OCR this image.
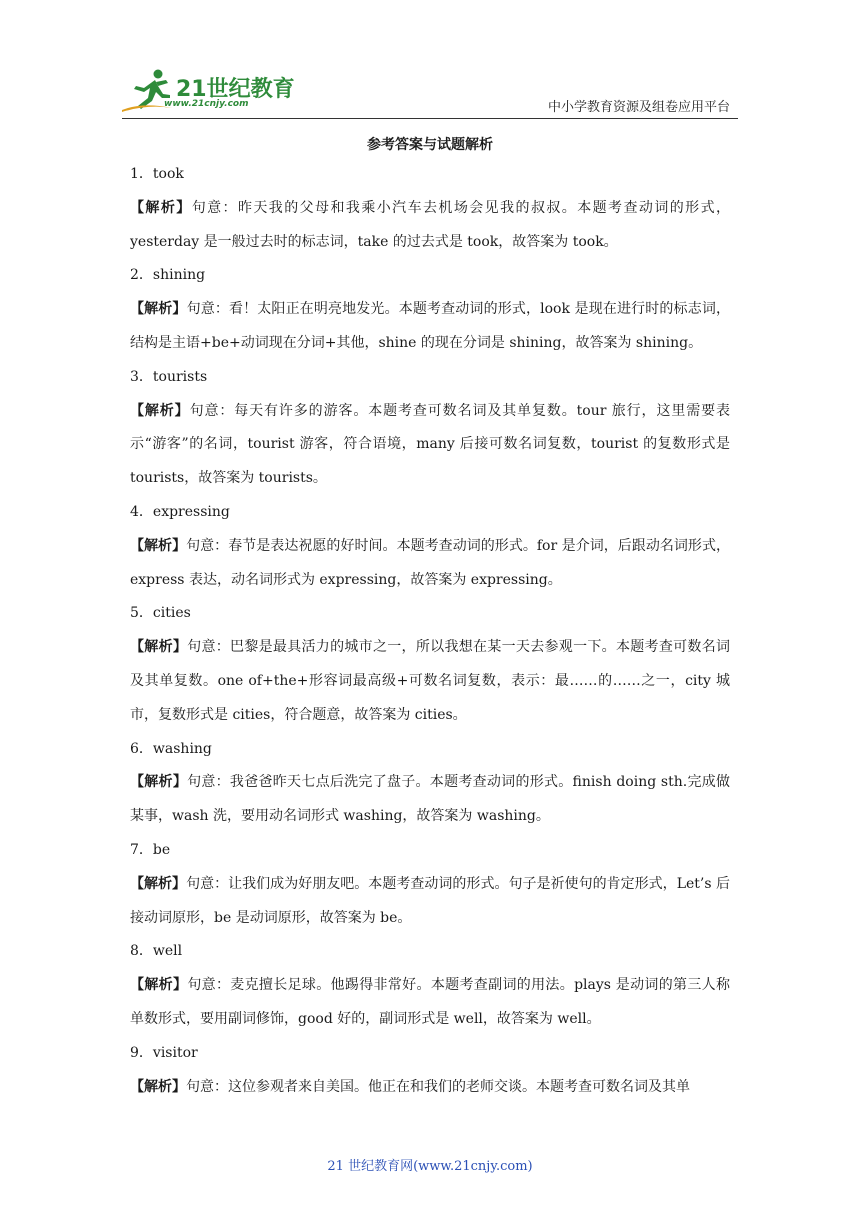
21世纪教育
www.21cnjy.com	中小学教育资源及组卷应用平台
参考答案与试题解析
1．took
【解析】句意：昨天我的父母和我乘小汽车去机场会见我的叔叔。本题考查动词的形式，yesterday 是一般过去时的标志词，take 的过去式是 took，故答案为 took。
2．shining
【解析】句意：看！太阳正在明亮地发光。本题考查动词的形式，look 是现在进行时的标志词，结构是主语+be+动词现在分词+其他，shine 的现在分词是 shining，故答案为 shining。
3．tourists
【解析】句意：每天有许多的游客。本题考查可数名词及其单复数。tour 旅行，这里需要表示“游客”的名词，tourist 游客，符合语境，many 后接可数名词复数，tourist 的复数形式是 tourists，故答案为 tourists。
4．expressing
【解析】句意：春节是表达祝愿的好时间。本题考查动词的形式。for 是介词，后跟动名词形式，express 表达，动名词形式为 expressing，故答案为 expressing。
5．cities
【解析】句意：巴黎是最具活力的城市之一，所以我想在某一天去参观一下。本题考查可数名词及其单复数。one of+the+形容词最高级+可数名词复数，表示：最……的……之一，city 城市，复数形式是 cities，符合题意，故答案为 cities。
6．washing
【解析】句意：我爸爸昨天七点后洗完了盘子。本题考查动词的形式。finish doing sth.完成做某事，wash 洗，要用动名词形式 washing，故答案为 washing。
7．be
【解析】句意：让我们成为好朋友吧。本题考查动词的形式。句子是祈使句的肯定形式，Let’s 后接动词原形，be 是动词原形，故答案为 be。
8．well
【解析】句意：麦克擅长足球。他踢得非常好。本题考查副词的用法。plays 是动词的第三人称单数形式，要用副词修饰，good 好的，副词形式是 well，故答案为 well。
9．visitor
【解析】句意：这位参观者来自美国。他正在和我们的老师交谈。本题考查可数名词及其单
21 世纪教育网(www.21cnjy.com)
